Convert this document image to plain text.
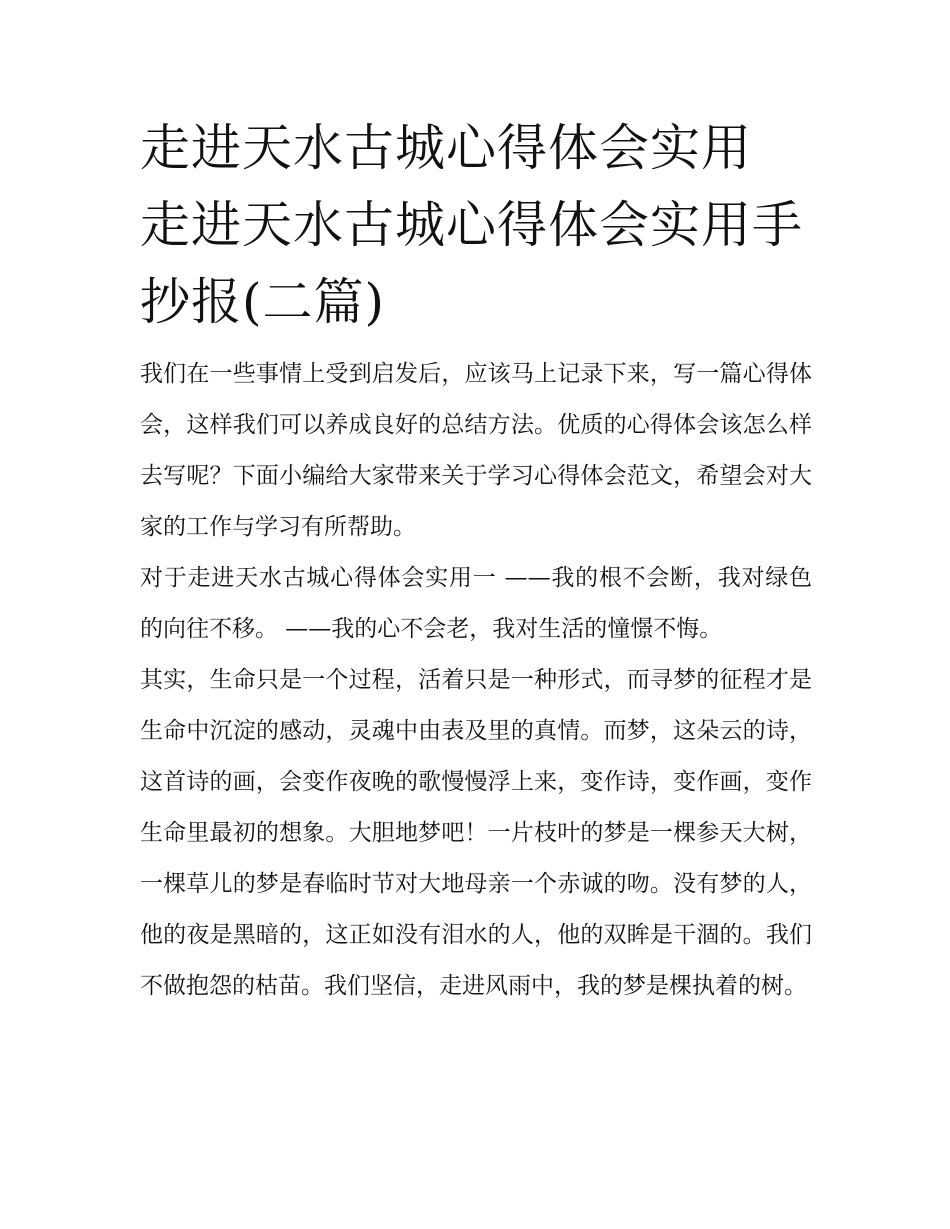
走进天水古城心得体会实用 走进天水古城心得体会实用手抄报(二篇)

我们在一些事情上受到启发后，应该马上记录下来，写一篇心得体会，这样我们可以养成良好的总结方法。优质的心得体会该怎么样去写呢？下面小编给大家带来关于学习心得体会范文，希望会对大家的工作与学习有所帮助。

对于走进天水古城心得体会实用一 ——我的根不会断，我对绿色的向往不移。 ——我的心不会老，我对生活的憧憬不悔。

其实，生命只是一个过程，活着只是一种形式，而寻梦的征程才是生命中沉淀的感动，灵魂中由表及里的真情。而梦，这朵云的诗，这首诗的画，会变作夜晚的歌慢慢浮上来，变作诗，变作画，变作生命里最初的想象。大胆地梦吧！一片枝叶的梦是一棵参天大树，一棵草儿的梦是春临时节对大地母亲一个赤诚的吻。没有梦的人，他的夜是黑暗的，这正如没有泪水的人，他的双眸是干涸的。我们不做抱怨的枯苗。我们坚信，走进风雨中，我的梦是棵执着的树。
